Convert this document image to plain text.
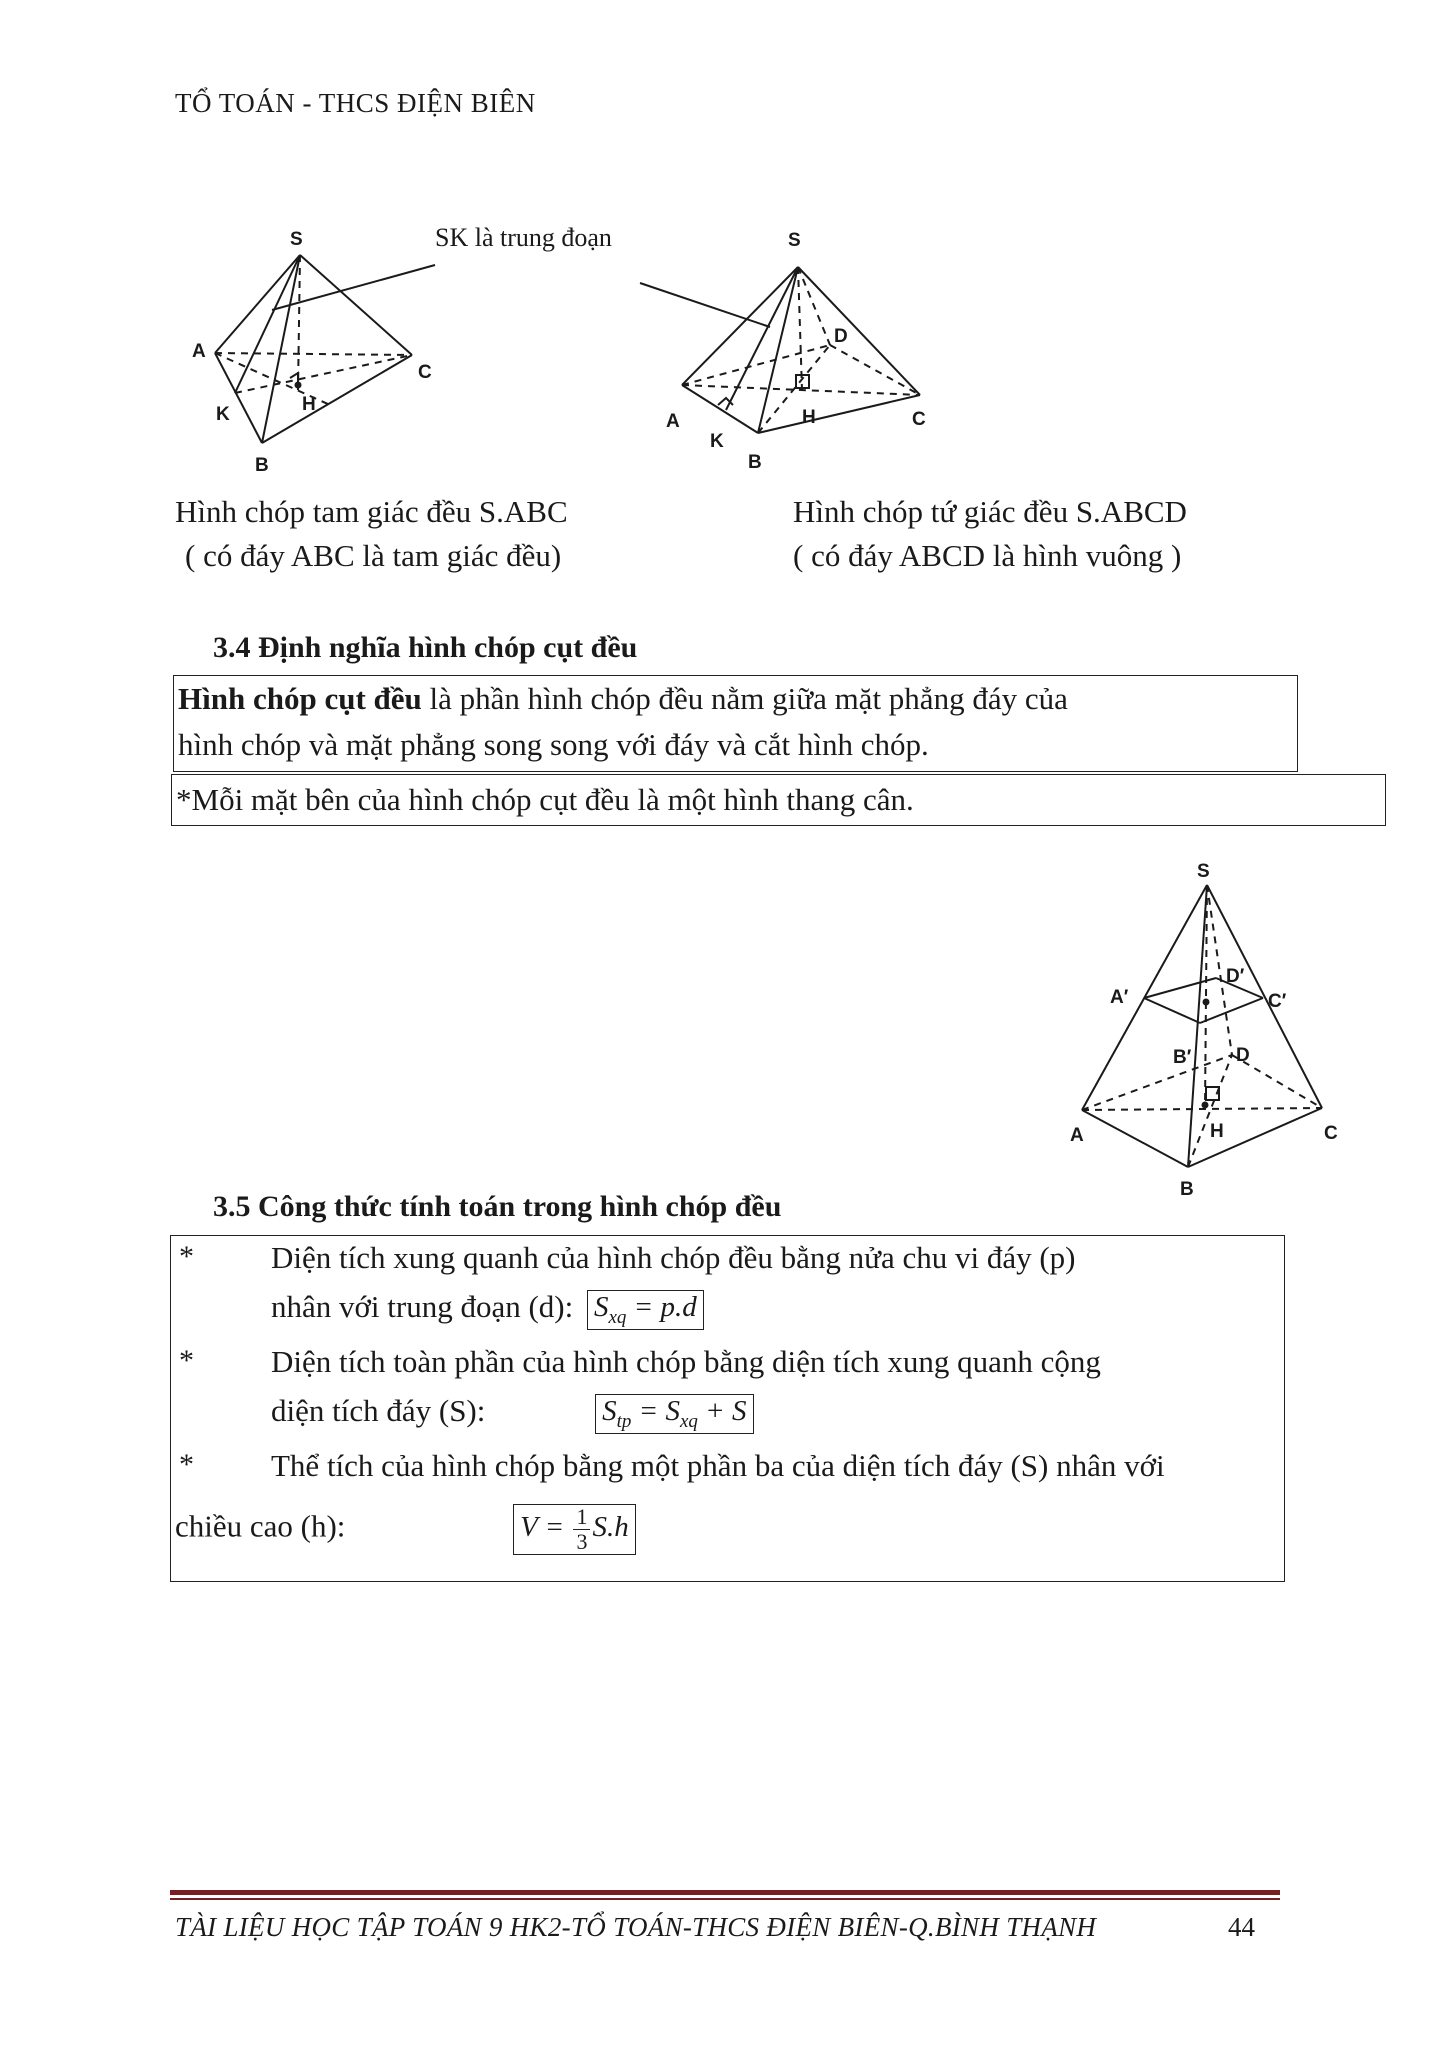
TỔ TOÁN - THCS ĐIỆN BIÊN
S
A
B
C
H
K
SK là trung đoạn	S
A
B
C
D
H
K
Hình chóp tam giác đều S.ABC
( có đáy ABC là tam giác đều)
Hình chóp tứ giác đều S.ABCD
( có đáy ABCD là hình vuông )
3.4 Định nghĩa hình chóp cụt đều
Hình chóp cụt đều là phần hình chóp đều nằm giữa mặt phẳng đáy của
hình chóp và mặt phẳng song song với đáy và cắt hình chóp.
*Mỗi mặt bên của hình chóp cụt đều là một hình thang cân.
S
A′
B′
C′
D′
A
B
C
D
H
3.5 Công thức tính toán trong hình chóp đều
* Diện tích xung quanh của hình chóp đều bằng nửa chu vi đáy (p)
nhân với trung đoạn (d): $S_{xq} = p.d$
* Diện tích toàn phần của hình chóp bằng diện tích xung quanh cộng
diện tích đáy (S):	$S_{tp} = S_{xq} + S$
* Thể tích của hình chóp bằng một phần ba của diện tích đáy (S) nhân với
chiều cao (h):	$V = \frac{1}{3} S.h$
TÀI LIỆU HỌC TẬP TOÁN 9 HK2-TỔ TOÁN-THCS ĐIỆN BIÊN-Q.BÌNH THẠNH	44
